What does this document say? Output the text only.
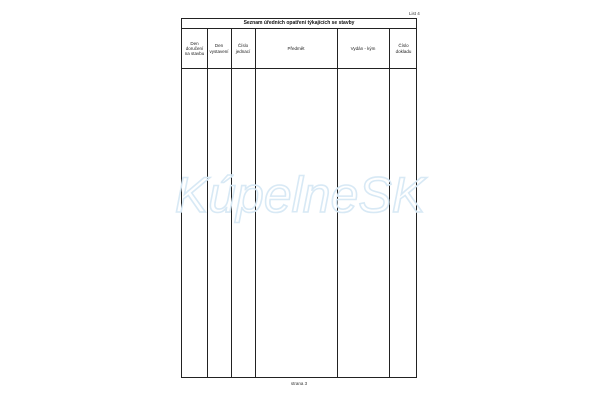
List 4
Seznam úředních opatření týkajících se stavby
Den
doručení
na stavbu
Den
vystavení
Číslo
jednací
Předmět	Vydán - kým
Číslo
dokladu
strana 3
KúpelneSK
